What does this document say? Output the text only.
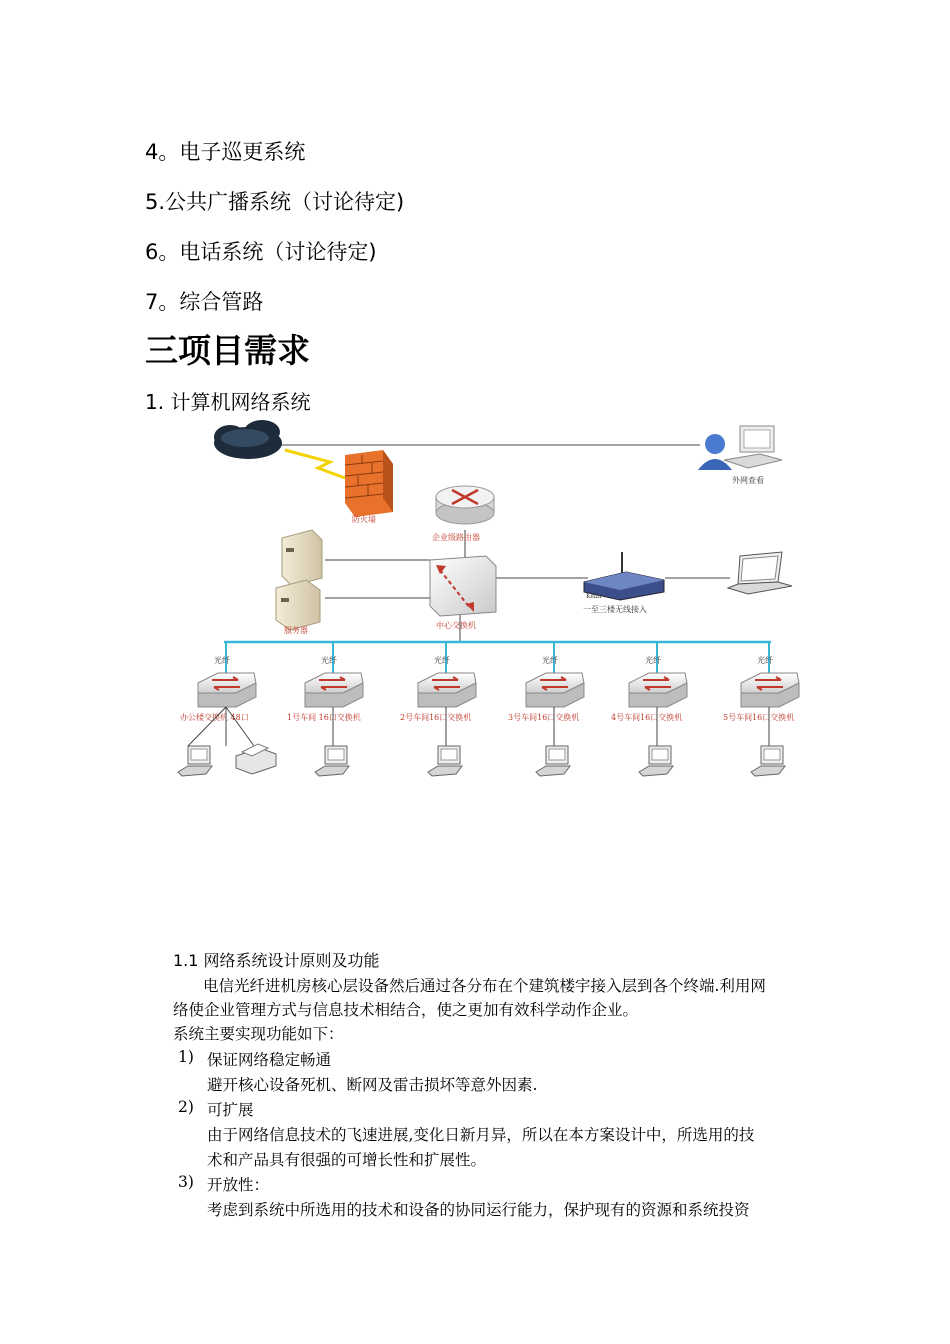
4。电子巡更系统
5.公共广播系统（讨论待定)
6。电话系统（讨论待定)
7。综合管路
三项目需求
1. 计算机网络系统
防火墙
企业级路由器
服务器
中心交换机
Kelin
一至三楼无线接入
外网查看
光纤
办公楼交换机 48口
光纤
1号车间 16口交换机
光纤
2号车间16口交换机
光纤
3号车间16口交换机
光纤
4号车间16口交换机
光纤
5号车间16口交换机
1.1 网络系统设计原则及功能
电信光纤进机房核心层设备然后通过各分布在个建筑楼宇接入层到各个终端.利用网
络使企业管理方式与信息技术相结合，使之更加有效科学动作企业。
系统主要实现功能如下：
1) 保证网络稳定畅通
避开核心设备死机、断网及雷击损坏等意外因素.
2) 可扩展
由于网络信息技术的飞速进展,变化日新月异，所以在本方案设计中，所选用的技
术和产品具有很强的可增长性和扩展性。
3) 开放性：
考虑到系统中所选用的技术和设备的协同运行能力，保护现有的资源和系统投资
